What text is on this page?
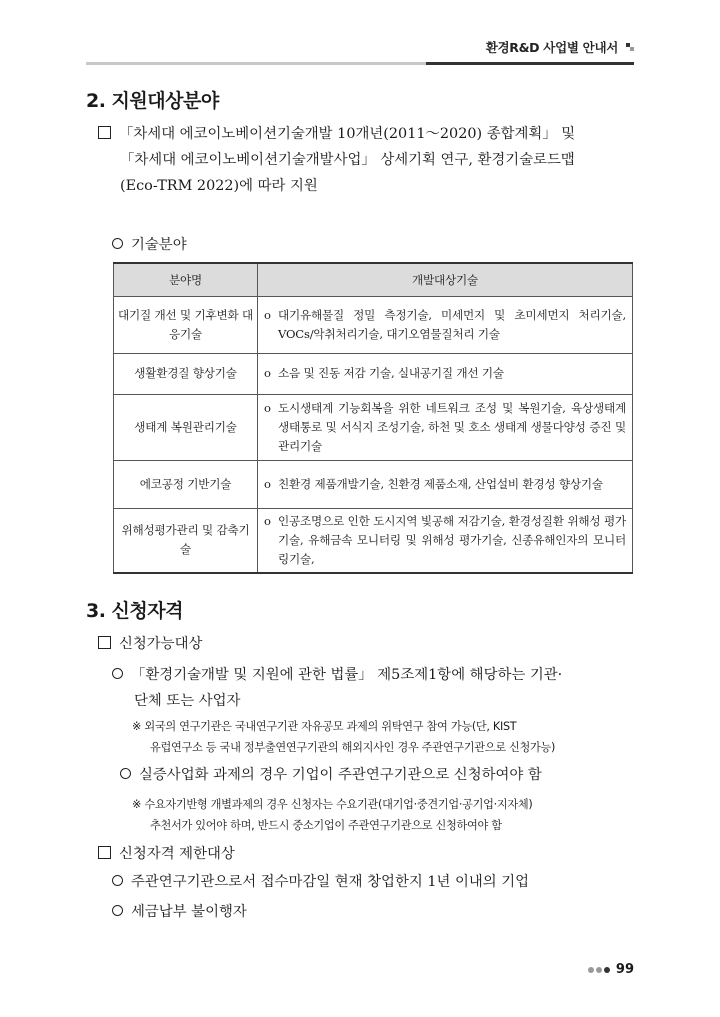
환경R&D 사업별 안내서
2. 지원대상분야
「차세대 에코이노베이션기술개발 10개년(2011～2020) 종합계획」 및
「차세대 에코이노베이션기술개발사업」 상세기획 연구, 환경기술로드맵
(Eco-TRM 2022)에 따라 지원
기술분야
분야명	개발대상기술
대기질 개선 및 기후변화 대응기술	o 대기유해물질 정밀 측정기술, 미세먼지 및 초미세먼지 처리기술, VOCs/악취처리기술, 대기오염물질처리 기술

생활환경질 향상기술	o 소음 및 진동 저감 기술, 실내공기질 개선 기술

생태계 복원관리기술	o 도시생태계 기능회복을 위한 네트워크 조성 및 복원기술, 육상생태계 생태통로 및 서식지 조성기술, 하천 및 호소 생태계 생물다양성 증진 및 관리기술

에코공정 기반기술	o 친환경 제품개발기술, 친환경 제품소재, 산업설비 환경성 향상기술

위해성평가관리 및 감축기술	o 인공조명으로 인한 도시지역 빛공해 저감기술, 환경성질환 위해성 평가기술, 유해금속 모니터링 및 위해성 평가기술, 신종유해인자의 모니터링기술,
3. 신청자격
신청가능대상
「환경기술개발 및 지원에 관한 법률」 제5조제1항에 해당하는 기관·
단체 또는 사업자
※ 외국의 연구기관은 국내연구기관 자유공모 과제의 위탁연구 참여 가능(단, KIST
유럽연구소 등 국내 정부출연연구기관의 해외지사인 경우 주관연구기관으로 신청가능)
실증사업화 과제의 경우 기업이 주관연구기관으로 신청하여야 함
※ 수요자기반형 개별과제의 경우 신청자는 수요기관(대기업·중견기업·공기업·지자체)
추천서가 있어야 하며, 반드시 중소기업이 주관연구기관으로 신청하여야 함
신청자격 제한대상
주관연구기관으로서 접수마감일 현재 창업한지 1년 이내의 기업
세금납부 불이행자
99
